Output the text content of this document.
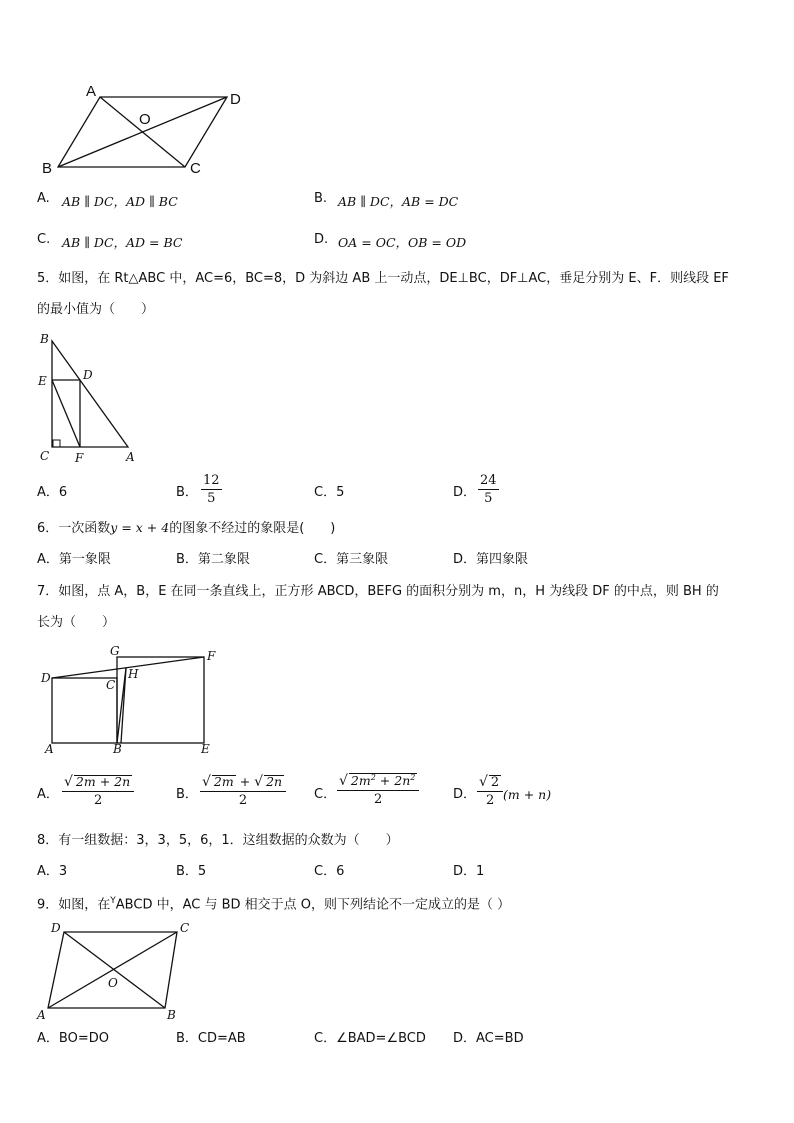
A	D
O
B	C
A. AB ∥ DC，AD ∥ BC	B. AB ∥ DC，AB = DC
C. AB ∥ DC，AD = BC	D. OA = OC，OB = OD
5．如图，在 Rt△ABC 中，AC=6，BC=8，D 为斜边 AB 上一动点，DE⊥BC，DF⊥AC，垂足分别为 E、F．则线段 EF
的最小值为（　　）
B
E	D
C F	A
A．6	B． $\frac{12}{5}$	C．5	D． $\frac{24}{5}$
6．一次函数y = x + 4的图象不经过的象限是(　　)
A．第一象限	B．第二象限	C．第三象限	D．第四象限
7．如图，点 A，B，E 在同一条直线上，正方形 ABCD，BEFG 的面积分别为 m，n，H 为线段 DF 的中点，则 BH 的
长为（　　）
G	F
D	C
H
A	B	E
A． $\frac{√ 2m + 2n}{2}$	B． $\frac{√ 2m + √ 2n}{2}$ C． $\frac{√ 2m^2 + 2n^2}{2}$	D． $\frac{√ 2}{2} (m + n)$
8．有一组数据：3，3，5，6，1．这组数据的众数为（　　）
A．3	B．5	C．6	D．1
9．如图，在$^Y$ABCD 中，AC 与 BD 相交于点 O，则下列结论不一定成立的是（ ）
D	C
O
A	B
A．BO=DO	B．CD=AB	C．∠BAD=∠BCD D．AC=BD
